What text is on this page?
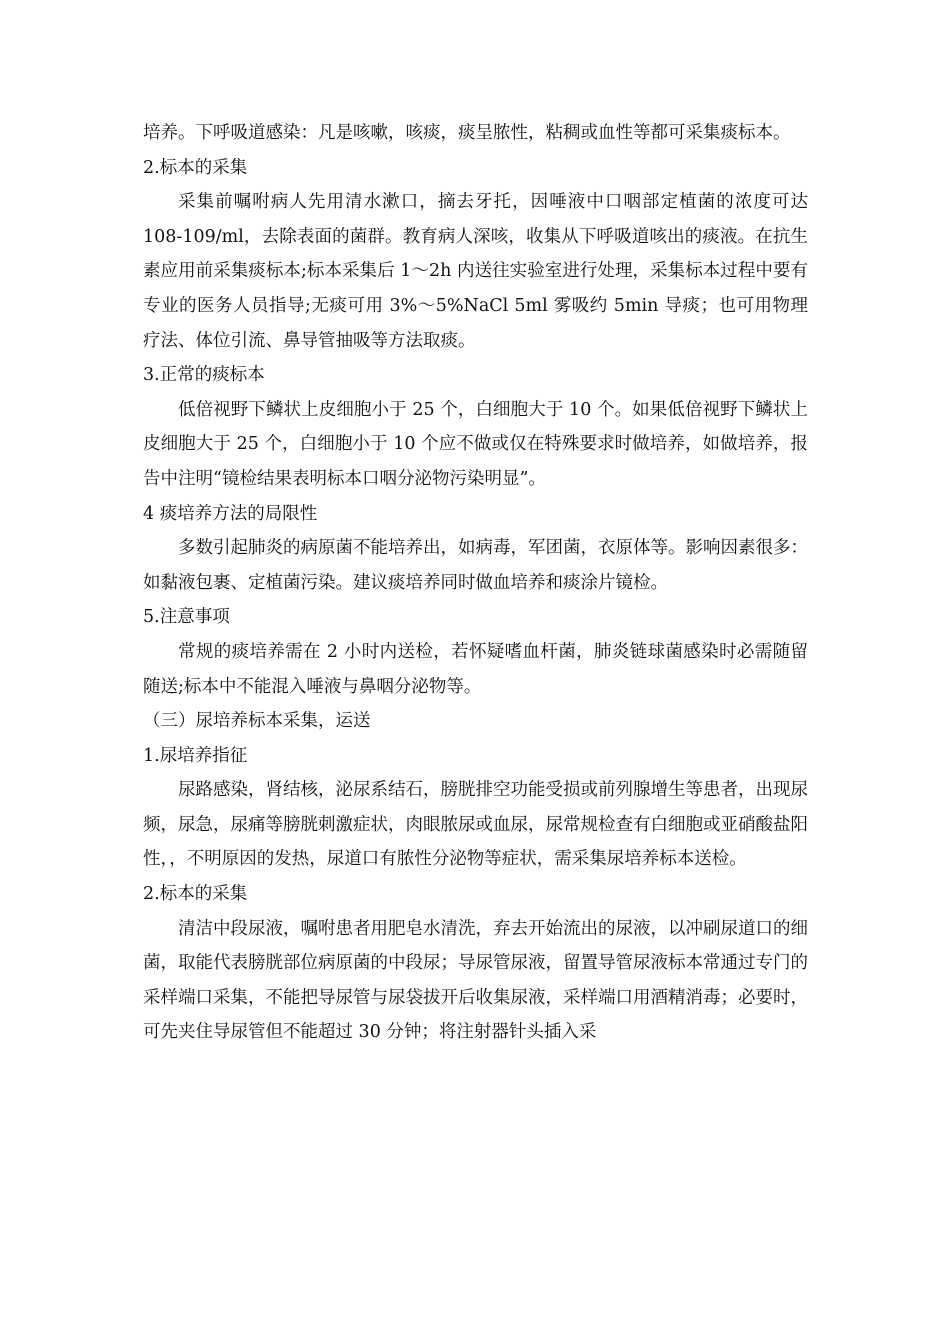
培养。下呼吸道感染：凡是咳嗽，咳痰，痰呈脓性，粘稠或血性等都可采集痰标本。

2.标本的采集

采集前嘱咐病人先用清水漱口，摘去牙托，因唾液中口咽部定植菌的浓度可达 108-109/ml，去除表面的菌群。教育病人深咳，收集从下呼吸道咳出的痰液。在抗生素应用前采集痰标本;标本采集后 1～2h 内送往实验室进行处理，采集标本过程中要有专业的医务人员指导;无痰可用 3%～5%NaCl 5ml 雾吸约 5min 导痰；也可用物理疗法、体位引流、鼻导管抽吸等方法取痰。

3.正常的痰标本

低倍视野下鳞状上皮细胞小于 25 个，白细胞大于 10 个。如果低倍视野下鳞状上皮细胞大于 25 个，白细胞小于 10 个应不做或仅在特殊要求时做培养，如做培养，报告中注明“镜检结果表明标本口咽分泌物污染明显”。

4 痰培养方法的局限性

多数引起肺炎的病原菌不能培养出，如病毒，军团菌，衣原体等。影响因素很多：如黏液包裹、定植菌污染。建议痰培养同时做血培养和痰涂片镜检。

5.注意事项

常规的痰培养需在 2 小时内送检，若怀疑嗜血杆菌，肺炎链球菌感染时必需随留随送;标本中不能混入唾液与鼻咽分泌物等。

（三）尿培养标本采集，运送

1.尿培养指征

尿路感染，肾结核，泌尿系结石，膀胱排空功能受损或前列腺增生等患者，出现尿频，尿急，尿痛等膀胱刺激症状，肉眼脓尿或血尿，尿常规检查有白细胞或亚硝酸盐阳性，，不明原因的发热，尿道口有脓性分泌物等症状，需采集尿培养标本送检。

2.标本的采集

清洁中段尿液，嘱咐患者用肥皂水清洗，弃去开始流出的尿液，以冲刷尿道口的细菌，取能代表膀胱部位病原菌的中段尿；导尿管尿液，留置导管尿液标本常通过专门的采样端口采集，不能把导尿管与尿袋拔开后收集尿液，采样端口用酒精消毒；必要时，可先夹住导尿管但不能超过 30 分钟；将注射器针头插入采
